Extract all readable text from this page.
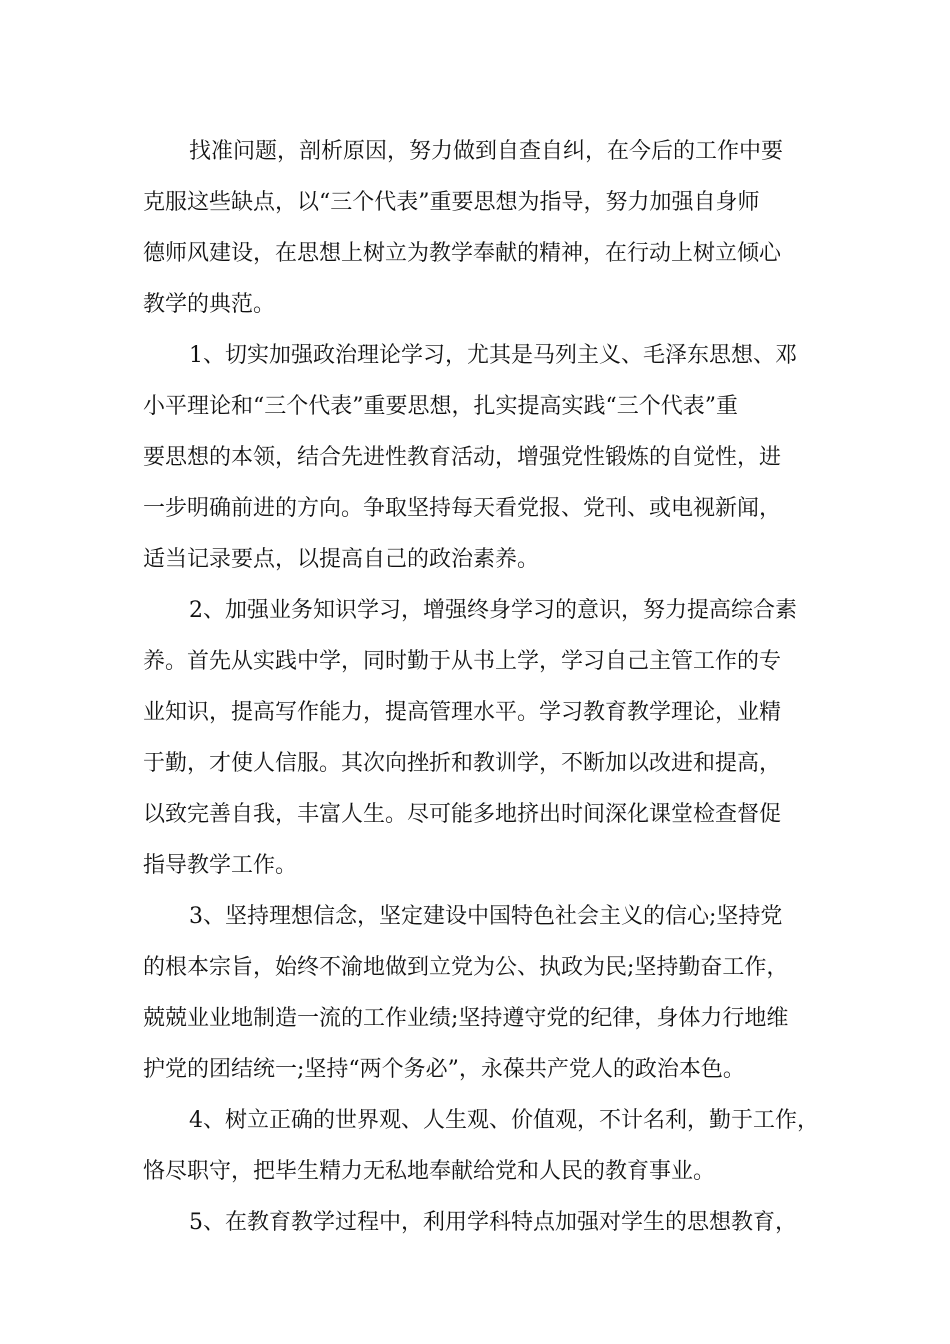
找准问题，剖析原因，努力做到自查自纠，在今后的工作中要
克服这些缺点，以“三个代表”重要思想为指导，努力加强自身师
德师风建设，在思想上树立为教学奉献的精神，在行动上树立倾心
教学的典范。
1、切实加强政治理论学习，尤其是马列主义、毛泽东思想、邓
小平理论和“三个代表”重要思想，扎实提高实践“三个代表”重
要思想的本领，结合先进性教育活动，增强党性锻炼的自觉性，进
一步明确前进的方向。争取坚持每天看党报、党刊、或电视新闻，
适当记录要点，以提高自己的政治素养。
2、加强业务知识学习，增强终身学习的意识，努力提高综合素
养。首先从实践中学，同时勤于从书上学，学习自己主管工作的专
业知识，提高写作能力，提高管理水平。学习教育教学理论，业精
于勤，才使人信服。其次向挫折和教训学，不断加以改进和提高，
以致完善自我，丰富人生。尽可能多地挤出时间深化课堂检查督促
指导教学工作。
3、坚持理想信念，坚定建设中国特色社会主义的信心;坚持党
的根本宗旨，始终不渝地做到立党为公、执政为民;坚持勤奋工作，
兢兢业业地制造一流的工作业绩;坚持遵守党的纪律，身体力行地维
护党的团结统一;坚持“两个务必”，永葆共产党人的政治本色。
4、树立正确的世界观、人生观、价值观，不计名利，勤于工作，
恪尽职守，把毕生精力无私地奉献给党和人民的教育事业。
5、在教育教学过程中，利用学科特点加强对学生的思想教育，
